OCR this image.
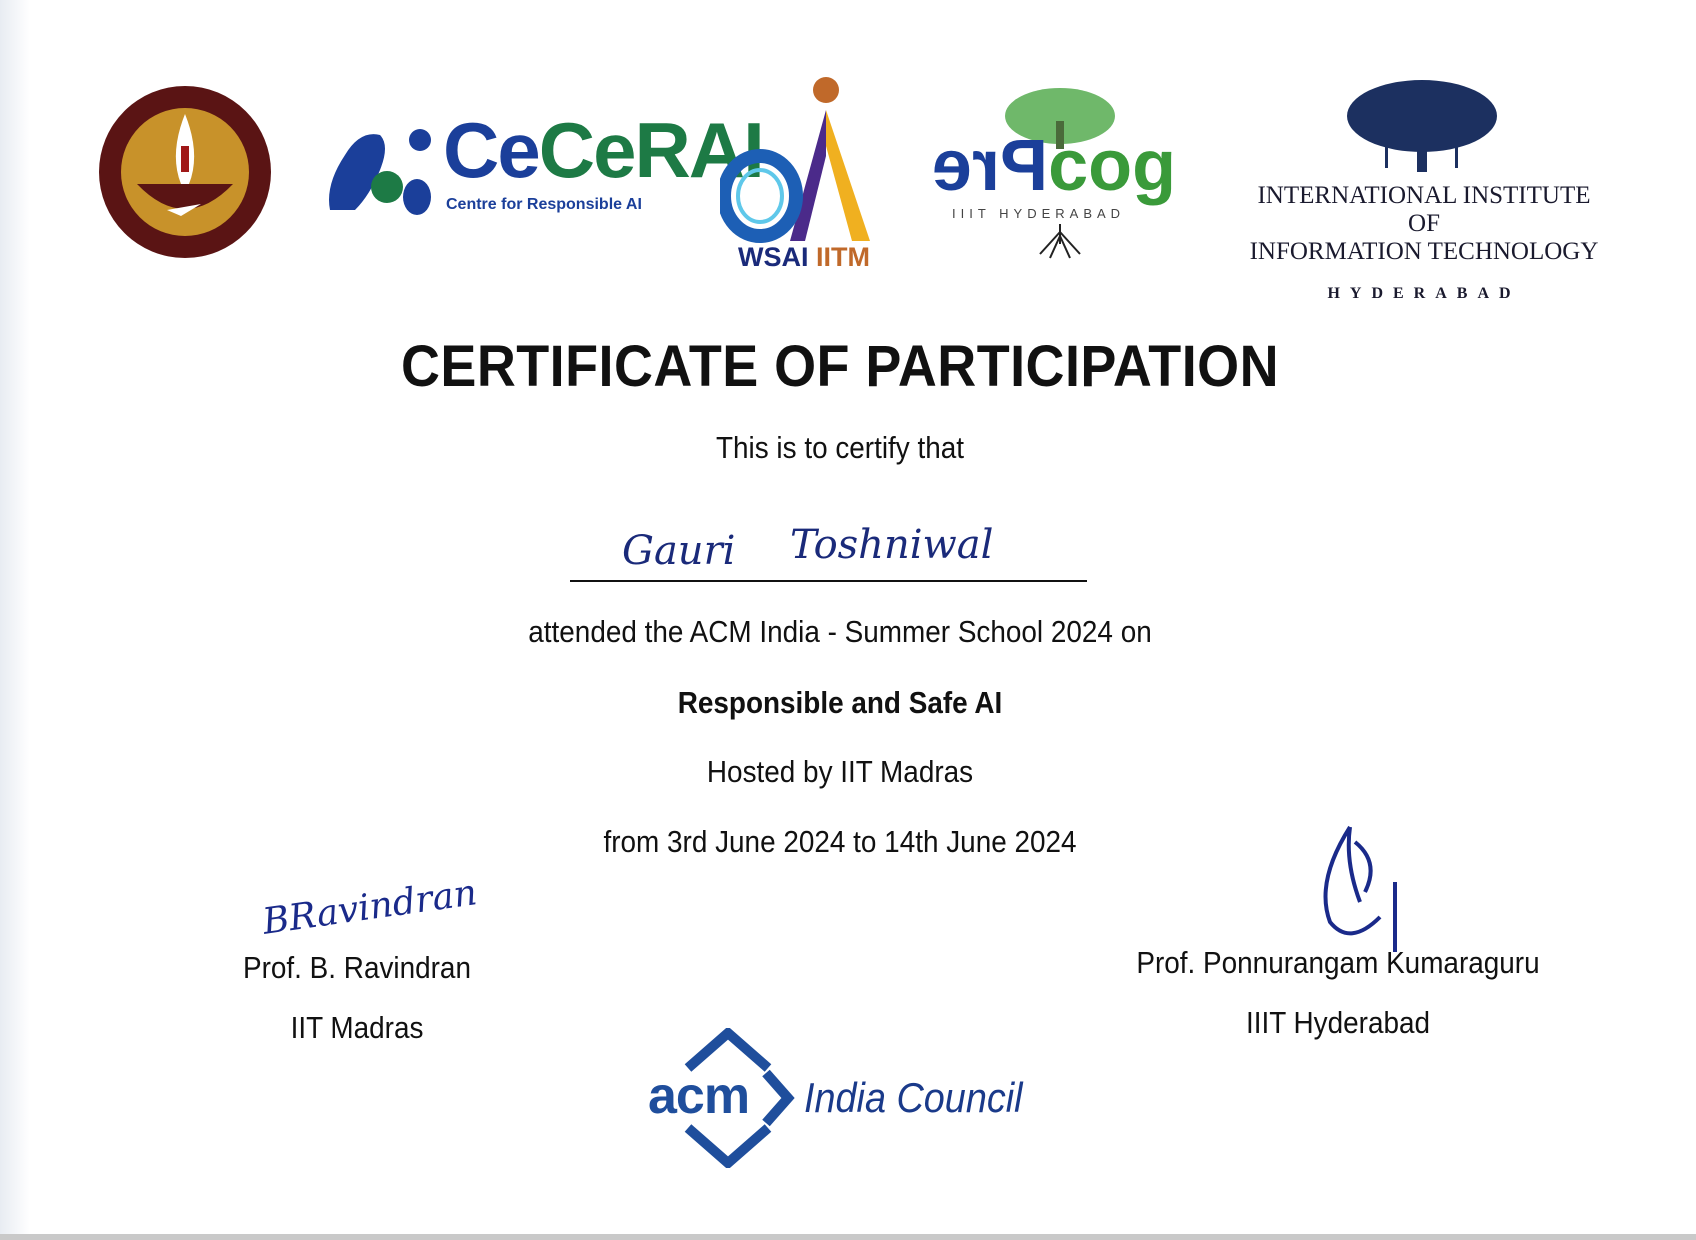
CeCeRAI
Centre for Responsible AI
WSAI IITM
Precog
IIIT HYDERABAD
INTERNATIONAL INSTITUTE OF
INFORMATION TECHNOLOGY
HYDERABAD
CERTIFICATE OF PARTICIPATION
This is to certify that
Gauri Toshniwal
attended the ACM India - Summer School 2024 on
Responsible and Safe AI
Hosted by IIT Madras
from 3rd June 2024 to 14th June 2024
BRavindran
Prof. B. Ravindran
IIT Madras
Prof. Ponnurangam Kumaraguru
IIIT Hyderabad
acm India Council
